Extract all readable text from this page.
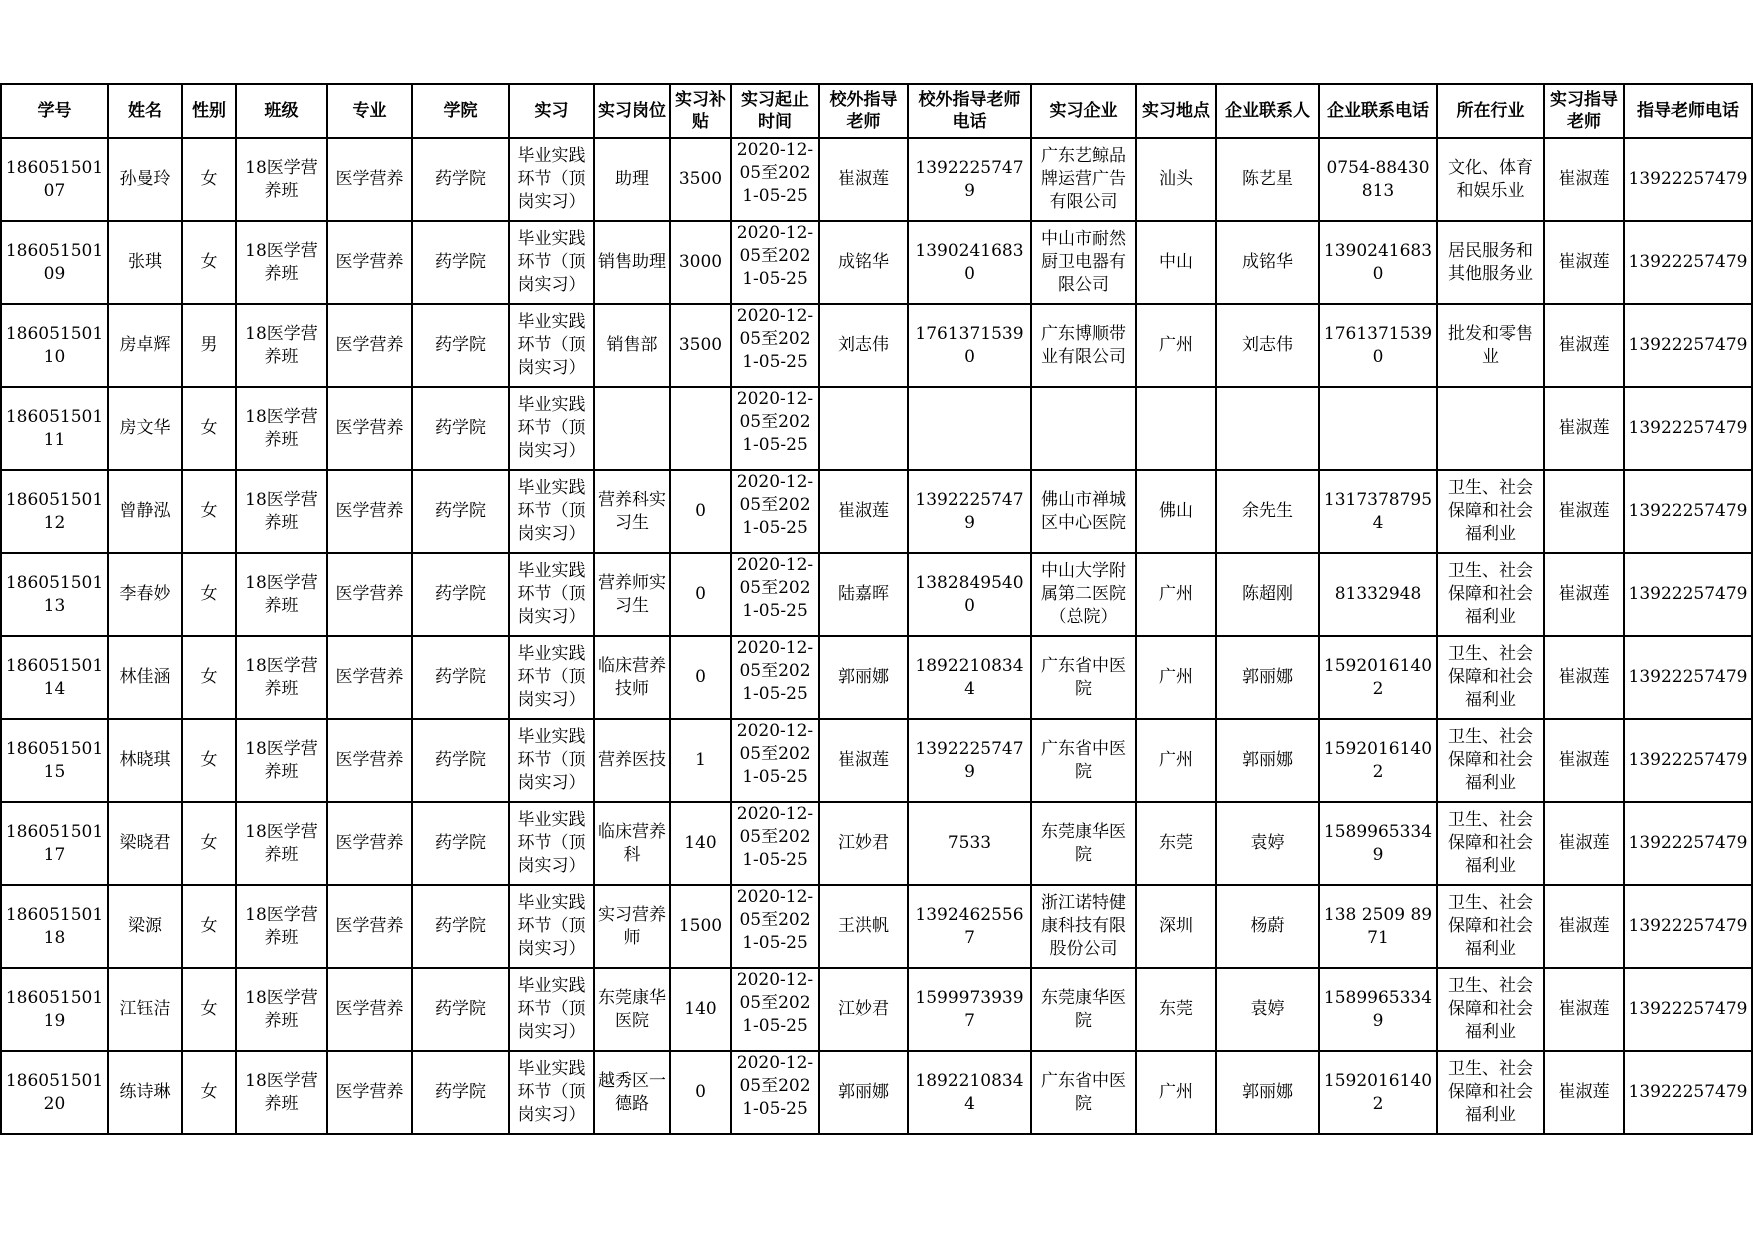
学号	姓名	性别	班级	专业	学院	实习	实习岗位	实习补贴	实习起止时间	校外指导老师	校外指导老师电话	实习企业	实习地点	企业联系人	企业联系电话	所在行业	实习指导老师	指导老师电话
18605150107	孙曼玲	女	18医学营养班	医学营养	药学院	毕业实践环节（顶岗实习）	助理	3500	2020-12-05至2021-05-25	崔淑莲	13922257479	广东艺鲸品牌运营广告有限公司	汕头	陈艺星	0754-88430813	文化、体育和娱乐业	崔淑莲	13922257479
18605150109	张琪	女	18医学营养班	医学营养	药学院	毕业实践环节（顶岗实习）	销售助理	3000	2020-12-05至2021-05-25	成铭华	13902416830	中山市耐然厨卫电器有限公司	中山	成铭华	13902416830	居民服务和其他服务业	崔淑莲	13922257479
18605150110	房卓辉	男	18医学营养班	医学营养	药学院	毕业实践环节（顶岗实习）	销售部	3500	2020-12-05至2021-05-25	刘志伟	17613715390	广东博顺带业有限公司	广州	刘志伟	17613715390	批发和零售业	崔淑莲	13922257479
18605150111	房文华	女	18医学营养班	医学营养	药学院	毕业实践环节（顶岗实习）			2020-12-05至2021-05-25								崔淑莲	13922257479
18605150112	曾静泓	女	18医学营养班	医学营养	药学院	毕业实践环节（顶岗实习）	营养科实习生	0	2020-12-05至2021-05-25	崔淑莲	13922257479	佛山市禅城区中心医院	佛山	余先生	13173787954	卫生、社会保障和社会福利业	崔淑莲	13922257479
18605150113	李春妙	女	18医学营养班	医学营养	药学院	毕业实践环节（顶岗实习）	营养师实习生	0	2020-12-05至2021-05-25	陆嘉晖	13828495400	中山大学附属第二医院（总院）	广州	陈超刚	81332948	卫生、社会保障和社会福利业	崔淑莲	13922257479
18605150114	林佳涵	女	18医学营养班	医学营养	药学院	毕业实践环节（顶岗实习）	临床营养技师	0	2020-12-05至2021-05-25	郭丽娜	18922108344	广东省中医院	广州	郭丽娜	15920161402	卫生、社会保障和社会福利业	崔淑莲	13922257479
18605150115	林晓琪	女	18医学营养班	医学营养	药学院	毕业实践环节（顶岗实习）	营养医技	1	2020-12-05至2021-05-25	崔淑莲	13922257479	广东省中医院	广州	郭丽娜	15920161402	卫生、社会保障和社会福利业	崔淑莲	13922257479
18605150117	梁晓君	女	18医学营养班	医学营养	药学院	毕业实践环节（顶岗实习）	临床营养科	140	2020-12-05至2021-05-25	江妙君	7533	东莞康华医院	东莞	袁婷	15899653349	卫生、社会保障和社会福利业	崔淑莲	13922257479
18605150118	梁源	女	18医学营养班	医学营养	药学院	毕业实践环节（顶岗实习）	实习营养师	1500	2020-12-05至2021-05-25	王洪帆	13924625567	浙江诺特健康科技有限股份公司	深圳	杨蔚	138 2509 8971	卫生、社会保障和社会福利业	崔淑莲	13922257479
18605150119	江钰洁	女	18医学营养班	医学营养	药学院	毕业实践环节（顶岗实习）	东莞康华医院	140	2020-12-05至2021-05-25	江妙君	15999739397	东莞康华医院	东莞	袁婷	15899653349	卫生、社会保障和社会福利业	崔淑莲	13922257479
18605150120	练诗琳	女	18医学营养班	医学营养	药学院	毕业实践环节（顶岗实习）	越秀区一德路	0	2020-12-05至2021-05-25	郭丽娜	18922108344	广东省中医院	广州	郭丽娜	15920161402	卫生、社会保障和社会福利业	崔淑莲	13922257479
